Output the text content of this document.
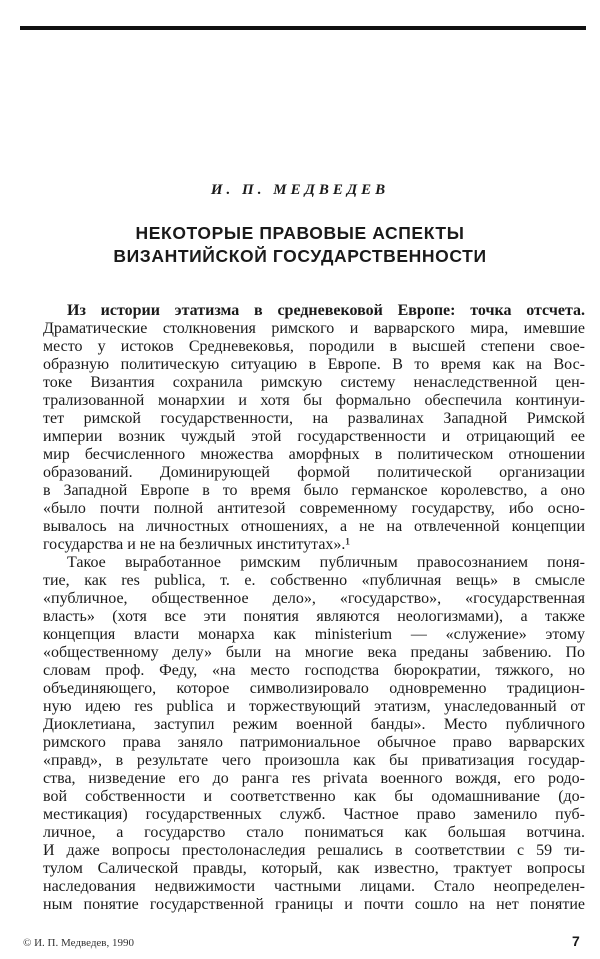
И. П. МЕДВЕДЕВ
НЕКОТОРЫЕ ПРАВОВЫЕ АСПЕКТЫ
ВИЗАНТИЙСКОЙ ГОСУДАРСТВЕННОСТИ
Из истории этатизма в средневековой Европе: точка отсчета.
Драматические столкновения римского и варварского мира, имевшие
место у истоков Средневековья, породили в высшей степени свое-
образную политическую ситуацию в Европе. В то время как на Вос-
токе Византия сохранила римскую систему ненаследственной цен-
трализованной монархии и хотя бы формально обеспечила континуи-
тет римской государственности, на развалинах Западной Римской
империи возник чуждый этой государственности и отрицающий ее
мир бесчисленного множества аморфных в политическом отношении
образований. Доминирующей формой политической организации
в Западной Европе в то время было германское королевство, а оно
«было почти полной антитезой современному государству, ибо осно-
вывалось на личностных отношениях, а не на отвлеченной концепции
государства и не на безличных институтах».¹
Такое выработанное римским публичным правосознанием поня-
тие, как res publica, т. е. собственно «публичная вещь» в смысле
«публичное, общественное дело», «государство», «государственная
власть» (хотя все эти понятия являются неологизмами), а также
концепция власти монарха как ministerium — «служение» этому
«общественному делу» были на многие века преданы забвению. По
словам проф. Феду, «на место господства бюрократии, тяжкого, но
объединяющего, которое символизировало одновременно традицион-
ную идею res publica и торжествующий этатизм, унаследованный от
Диоклетиана, заступил режим военной банды». Место публичного
римского права заняло патримониальное обычное право варварских
«правд», в результате чего произошла как бы приватизация государ-
ства, низведение его до ранга res privata военного вождя, его родо-
вой собственности и соответственно как бы одомашнивание (до-
местикация) государственных служб. Частное право заменило пуб-
личное, а государство стало пониматься как большая вотчина.
И даже вопросы престолонаследия решались в соответствии с 59 ти-
тулом Салической правды, который, как известно, трактует вопросы
наследования недвижимости частными лицами. Стало неопределен-
ным понятие государственной границы и почти сошло на нет понятие
© И. П. Медведев, 1990	7
